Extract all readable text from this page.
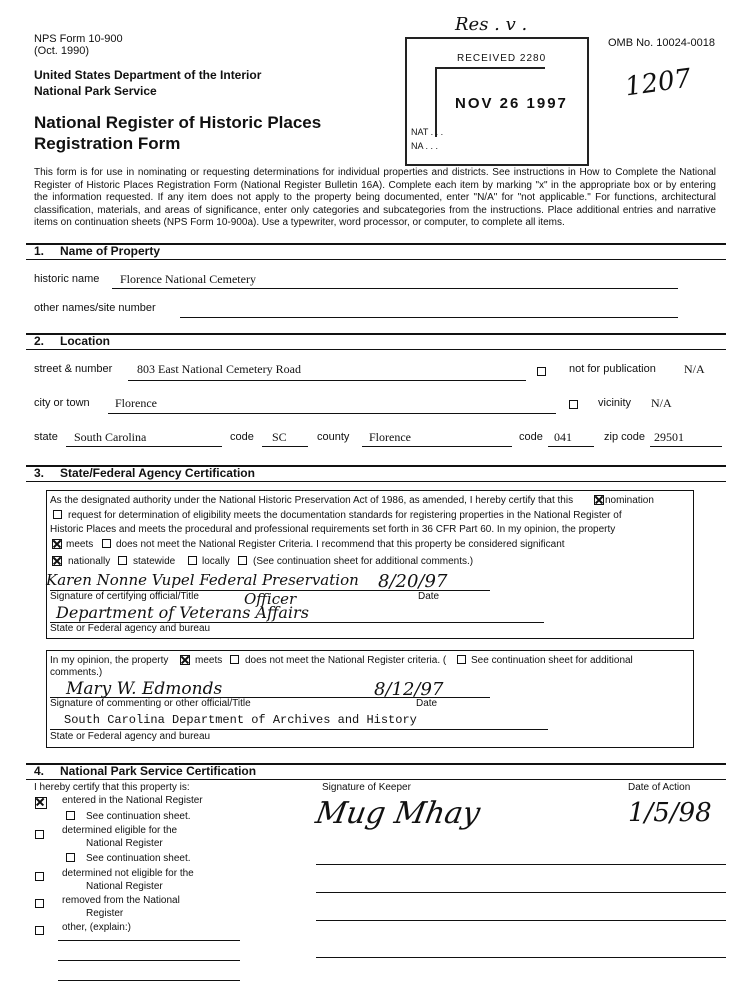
NPS Form 10-900
(Oct. 1990)
OMB No. 10024-0018
United States Department of the Interior
National Park Service
National Register of Historic Places
Registration Form
Res . v .
1207
RECEIVED 2280
NOV 26 1997
NAT . . .
NA . . .
This form is for use in nominating or requesting determinations for individual properties and districts. See instructions in How to Complete the National Register of Historic Places Registration Form (National Register Bulletin 16A). Complete each item by marking "x" in the appropriate box or by entering the information requested. If any item does not apply to the property being documented, enter "N/A" for "not applicable." For functions, architectural classification, materials, and areas of significance, enter only categories and subcategories from the instructions. Place additional entries and narrative items on continuation sheets (NPS Form 10-900a). Use a typewriter, word processor, or computer, to complete all items.
1. Name of Property
historic name Florence National Cemetery
other names/site number
2. Location
street & number 803 East National Cemetery Road	not for publication N/A
city or town Florence	vicinity N/A
state South Carolina	code SC	county Florence	code 041	zip code 29501
3. State/Federal Agency Certification
As the designated authority under the National Historic Preservation Act of 1986, as amended, I hereby certify that this	nomination
request for determination of eligibility meets the documentation standards for registering properties in the National Register of
Historic Places and meets the procedural and professional requirements set forth in 36 CFR Part 60. In my opinion, the property
meets does not meet the National Register Criteria. I recommend that this property be considered significant
nationally statewide	locally (See continuation sheet for additional comments.)
Karen Nonne Vupel Federal Preservation
Officer
8/20/97
Signature of certifying official/Title	Date
Department of Veterans Affairs
State or Federal agency and bureau
In my opinion, the property	meets does not meet the National Register criteria. ( See continuation sheet for additional
comments.)
Mary W. Edmonds	8/12/97
Signature of commenting or other official/Title	Date
South Carolina Department of Archives and History
State or Federal agency and bureau
4. National Park Service Certification
I hereby certify that this property is:
entered in the National Register
See continuation sheet.
determined eligible for the
National Register
See continuation sheet.
determined not eligible for the
National Register
removed from the National
Register
other, (explain:)
Signature of Keeper	Date of Action
Mug Mhay	1/5/98
